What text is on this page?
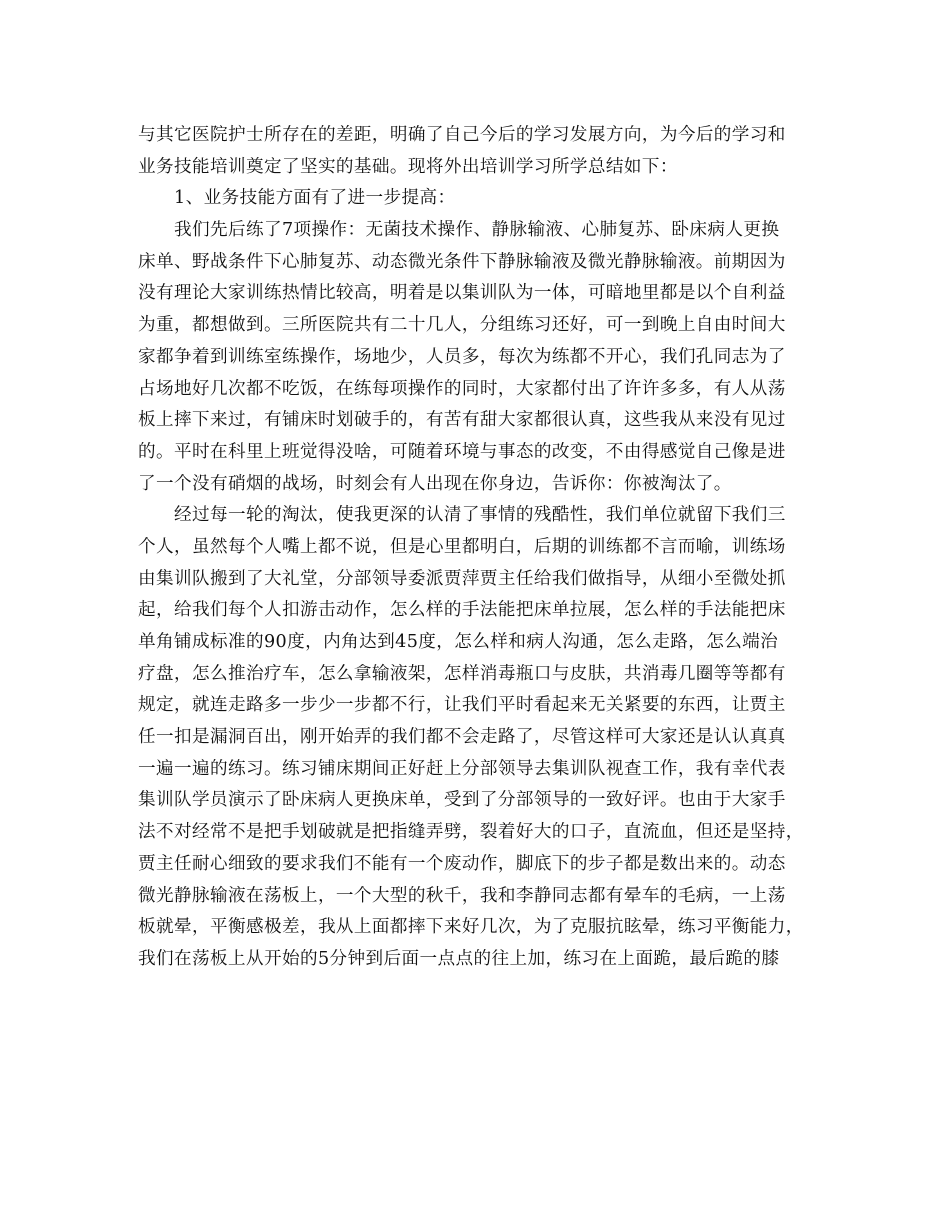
与其它医院护士所存在的差距，明确了自己今后的学习发展方向，为今后的学习和
业务技能培训奠定了坚实的基础。现将外出培训学习所学总结如下：
1、业务技能方面有了进一步提高：
我们先后练了7项操作：无菌技术操作、静脉输液、心肺复苏、卧床病人更换
床单、野战条件下心肺复苏、动态微光条件下静脉输液及微光静脉输液。前期因为
没有理论大家训练热情比较高，明着是以集训队为一体，可暗地里都是以个自利益
为重，都想做到。三所医院共有二十几人，分组练习还好，可一到晚上自由时间大
家都争着到训练室练操作，场地少，人员多，每次为练都不开心，我们孔同志为了
占场地好几次都不吃饭，在练每项操作的同时，大家都付出了许许多多，有人从荡
板上摔下来过，有铺床时划破手的，有苦有甜大家都很认真，这些我从来没有见过
的。平时在科里上班觉得没啥，可随着环境与事态的改变，不由得感觉自己像是进
了一个没有硝烟的战场，时刻会有人出现在你身边，告诉你：你被淘汰了。
经过每一轮的淘汰，使我更深的认清了事情的残酷性，我们单位就留下我们三
个人，虽然每个人嘴上都不说，但是心里都明白，后期的训练都不言而喻，训练场
由集训队搬到了大礼堂，分部领导委派贾萍贾主任给我们做指导，从细小至微处抓
起，给我们每个人扣游击动作，怎么样的手法能把床单拉展，怎么样的手法能把床
单角铺成标准的90度，内角达到45度，怎么样和病人沟通，怎么走路，怎么端治
疗盘，怎么推治疗车，怎么拿输液架，怎样消毒瓶口与皮肤，共消毒几圈等等都有
规定，就连走路多一步少一步都不行，让我们平时看起来无关紧要的东西，让贾主
任一扣是漏洞百出，刚开始弄的我们都不会走路了，尽管这样可大家还是认认真真
一遍一遍的练习。练习铺床期间正好赶上分部领导去集训队视查工作，我有幸代表
集训队学员演示了卧床病人更换床单，受到了分部领导的一致好评。也由于大家手
法不对经常不是把手划破就是把指缝弄劈，裂着好大的口子，直流血，但还是坚持，
贾主任耐心细致的要求我们不能有一个废动作，脚底下的步子都是数出来的。动态
微光静脉输液在荡板上，一个大型的秋千，我和李静同志都有晕车的毛病，一上荡
板就晕，平衡感极差，我从上面都摔下来好几次，为了克服抗眩晕，练习平衡能力，
我们在荡板上从开始的5分钟到后面一点点的往上加，练习在上面跪，最后跪的膝
